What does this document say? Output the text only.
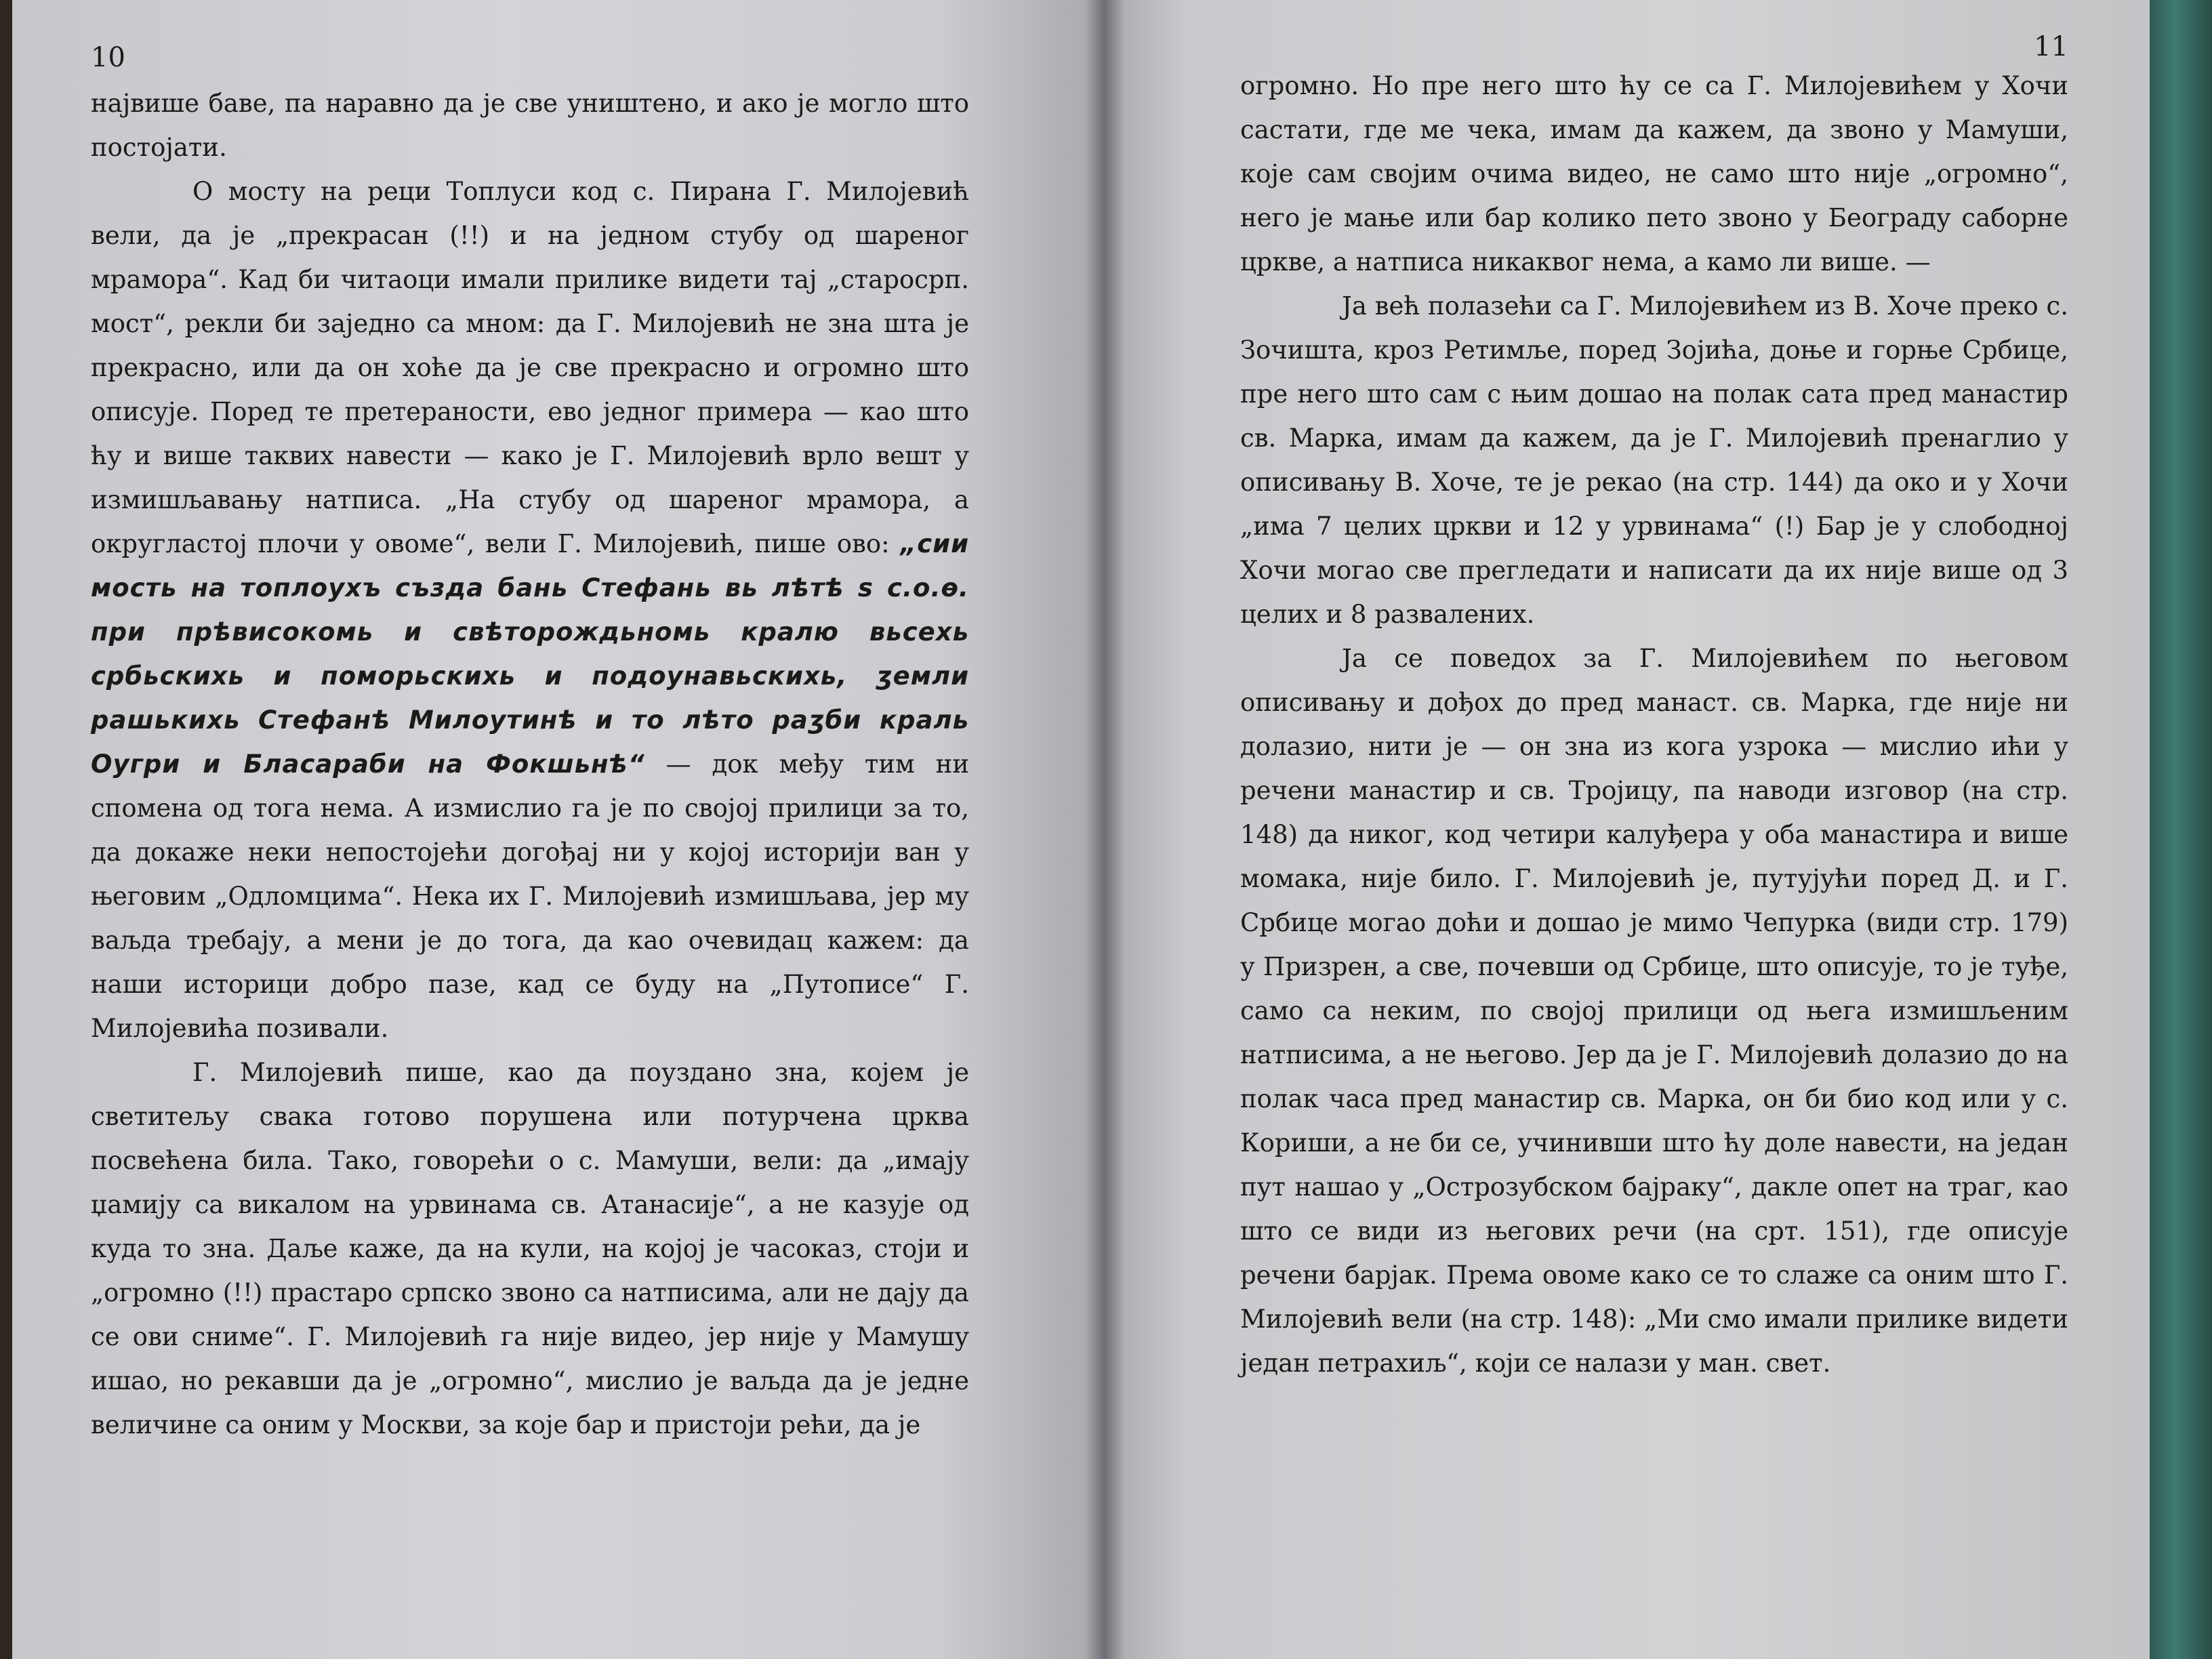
10

највише баве, па наравно да је све уништено, и ако је могло што постојати.

О мосту на реци Топлуси код с. Пирана Г. Милојевић вели, да је „прекрасан (!!) и на једном стубу од шареног мрамора“. Кад би читаоци имали прилике видети тај „старосрп. мост“, рекли би заједно са мном: да Г. Милојевић не зна шта је прекрасно, или да он хоће да је све прекрасно и огромно што описује. Поред те претераности, ево једног примера — као што ћу и више таквих навести — како је Г. Милојевић врло вешт у измишљавању натписа. „На стубу од шареног мрамора, а округластој плочи у овоме“, вели Г. Милојевић, пише ово: „сии мость на топлоухъ създа бань Стефань вь лѣтѣ ѕ с.о.ѳ. при прѣвисокомь и свѣторождьномь кралю вьсехь србьскихь и поморьскихь и подоунавьскихь, ӡемли рашькихь Стефанѣ Милоутинѣ и то лѣто раӡби краль Оугри и Бласараби на Фокшьнѣ“ — док међу тим ни спомена од тога нема. А измислио га је по својој прилици за то, да докаже неки непостојећи догођај ни у којој историји ван у његовим „Одломцима“. Нека их Г. Милојевић измишљава, јер му ваљда требају, а мени је до тога, да као очевидац кажем: да наши историци добро пазе, кад се буду на „Путописе“ Г. Милојевића позивали.

Г. Милојевић пише, као да поуздано зна, којем је светитељу свака готово порушена или потурчена црква посвећена била. Тако, говорећи о с. Мамуши, вели: да „имају џамију са викалом на урвинама св. Атанасије“, а не казује од куда то зна. Даље каже, да на кули, на којој је часоказ, стоји и „огромно (!!) прастаро српско звоно са натписима, али не дају да се ови сниме“. Г. Милојевић га није видео, јер није у Мамушу ишао, но рекавши да је „огромно“, мислио је ваљда да је једне величине са оним у Москви, за које бар и пристоји рећи, да је

11

огромно. Но пре него што ћу се са Г. Милојевићем у Хочи састати, где ме чека, имам да кажем, да звоно у Мамуши, које сам својим очима видео, не само што није „огромно“, него је мање или бар колико пето звоно у Београду саборне цркве, а натписа никаквог нема, а камо ли више. —

Ја већ полазећи са Г. Милојевићем из В. Хоче преко с. Зочишта, кроз Ретимље, поред Зојића, доње и горње Србице, пре него што сам с њим дошао на полак сата пред манастир св. Марка, имам да кажем, да је Г. Милојевић пренаглио у описивању В. Хоче, те је рекао (на стр. 144) да око и у Хочи „има 7 целих цркви и 12 у урвинама“ (!) Бар је у слободној Хочи могао све прегледати и написати да их није више од 3 целих и 8 развалених.

Ја се поведох за Г. Милојевићем по његовом описивању и дођох до пред манаст. св. Марка, где није ни долазио, нити је — он зна из кога узрока — мислио ићи у речени манастир и св. Тројицу, па наводи изговор (на стр. 148) да никог, код четири калуђера у оба манастира и више момака, није било. Г. Милојевић је, путујући поред Д. и Г. Србице могао доћи и дошао је мимо Чепурка (види стр. 179) у Призрен, а све, почевши од Србице, што описује, то је туђе, само са неким, по својој прилици од њега измишљеним натписима, а не његово. Јер да је Г. Милојевић долазио до на полак часа пред манастир св. Марка, он би био код или у с. Кориши, а не би се, учинивши што ћу доле навести, на један пут нашао у „Острозубском бајраку“, дакле опет на траг, као што се види из његових речи (на срт. 151), где описује речени барјак. Према овоме како се то слаже са оним што Г. Милојевић вели (на стр. 148): „Ми смо имали прилике видети један петрахиљ“, који се налази у ман. свет.
